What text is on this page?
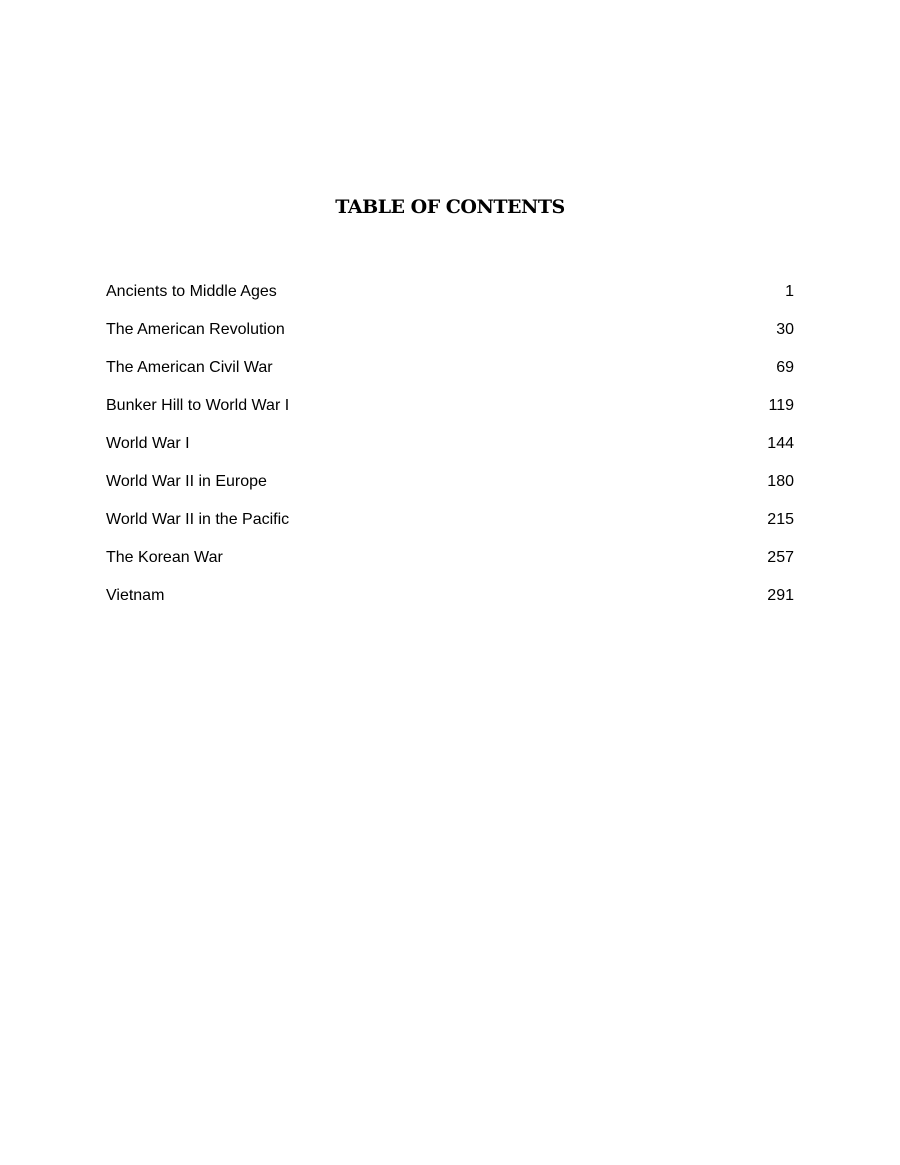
TABLE OF CONTENTS
Ancients to Middle Ages	1
The American Revolution	30
The American Civil War	69
Bunker Hill to World War I	119
World War I	144
World War II in Europe	180
World War II in the Pacific	215
The Korean War	257
Vietnam	291
